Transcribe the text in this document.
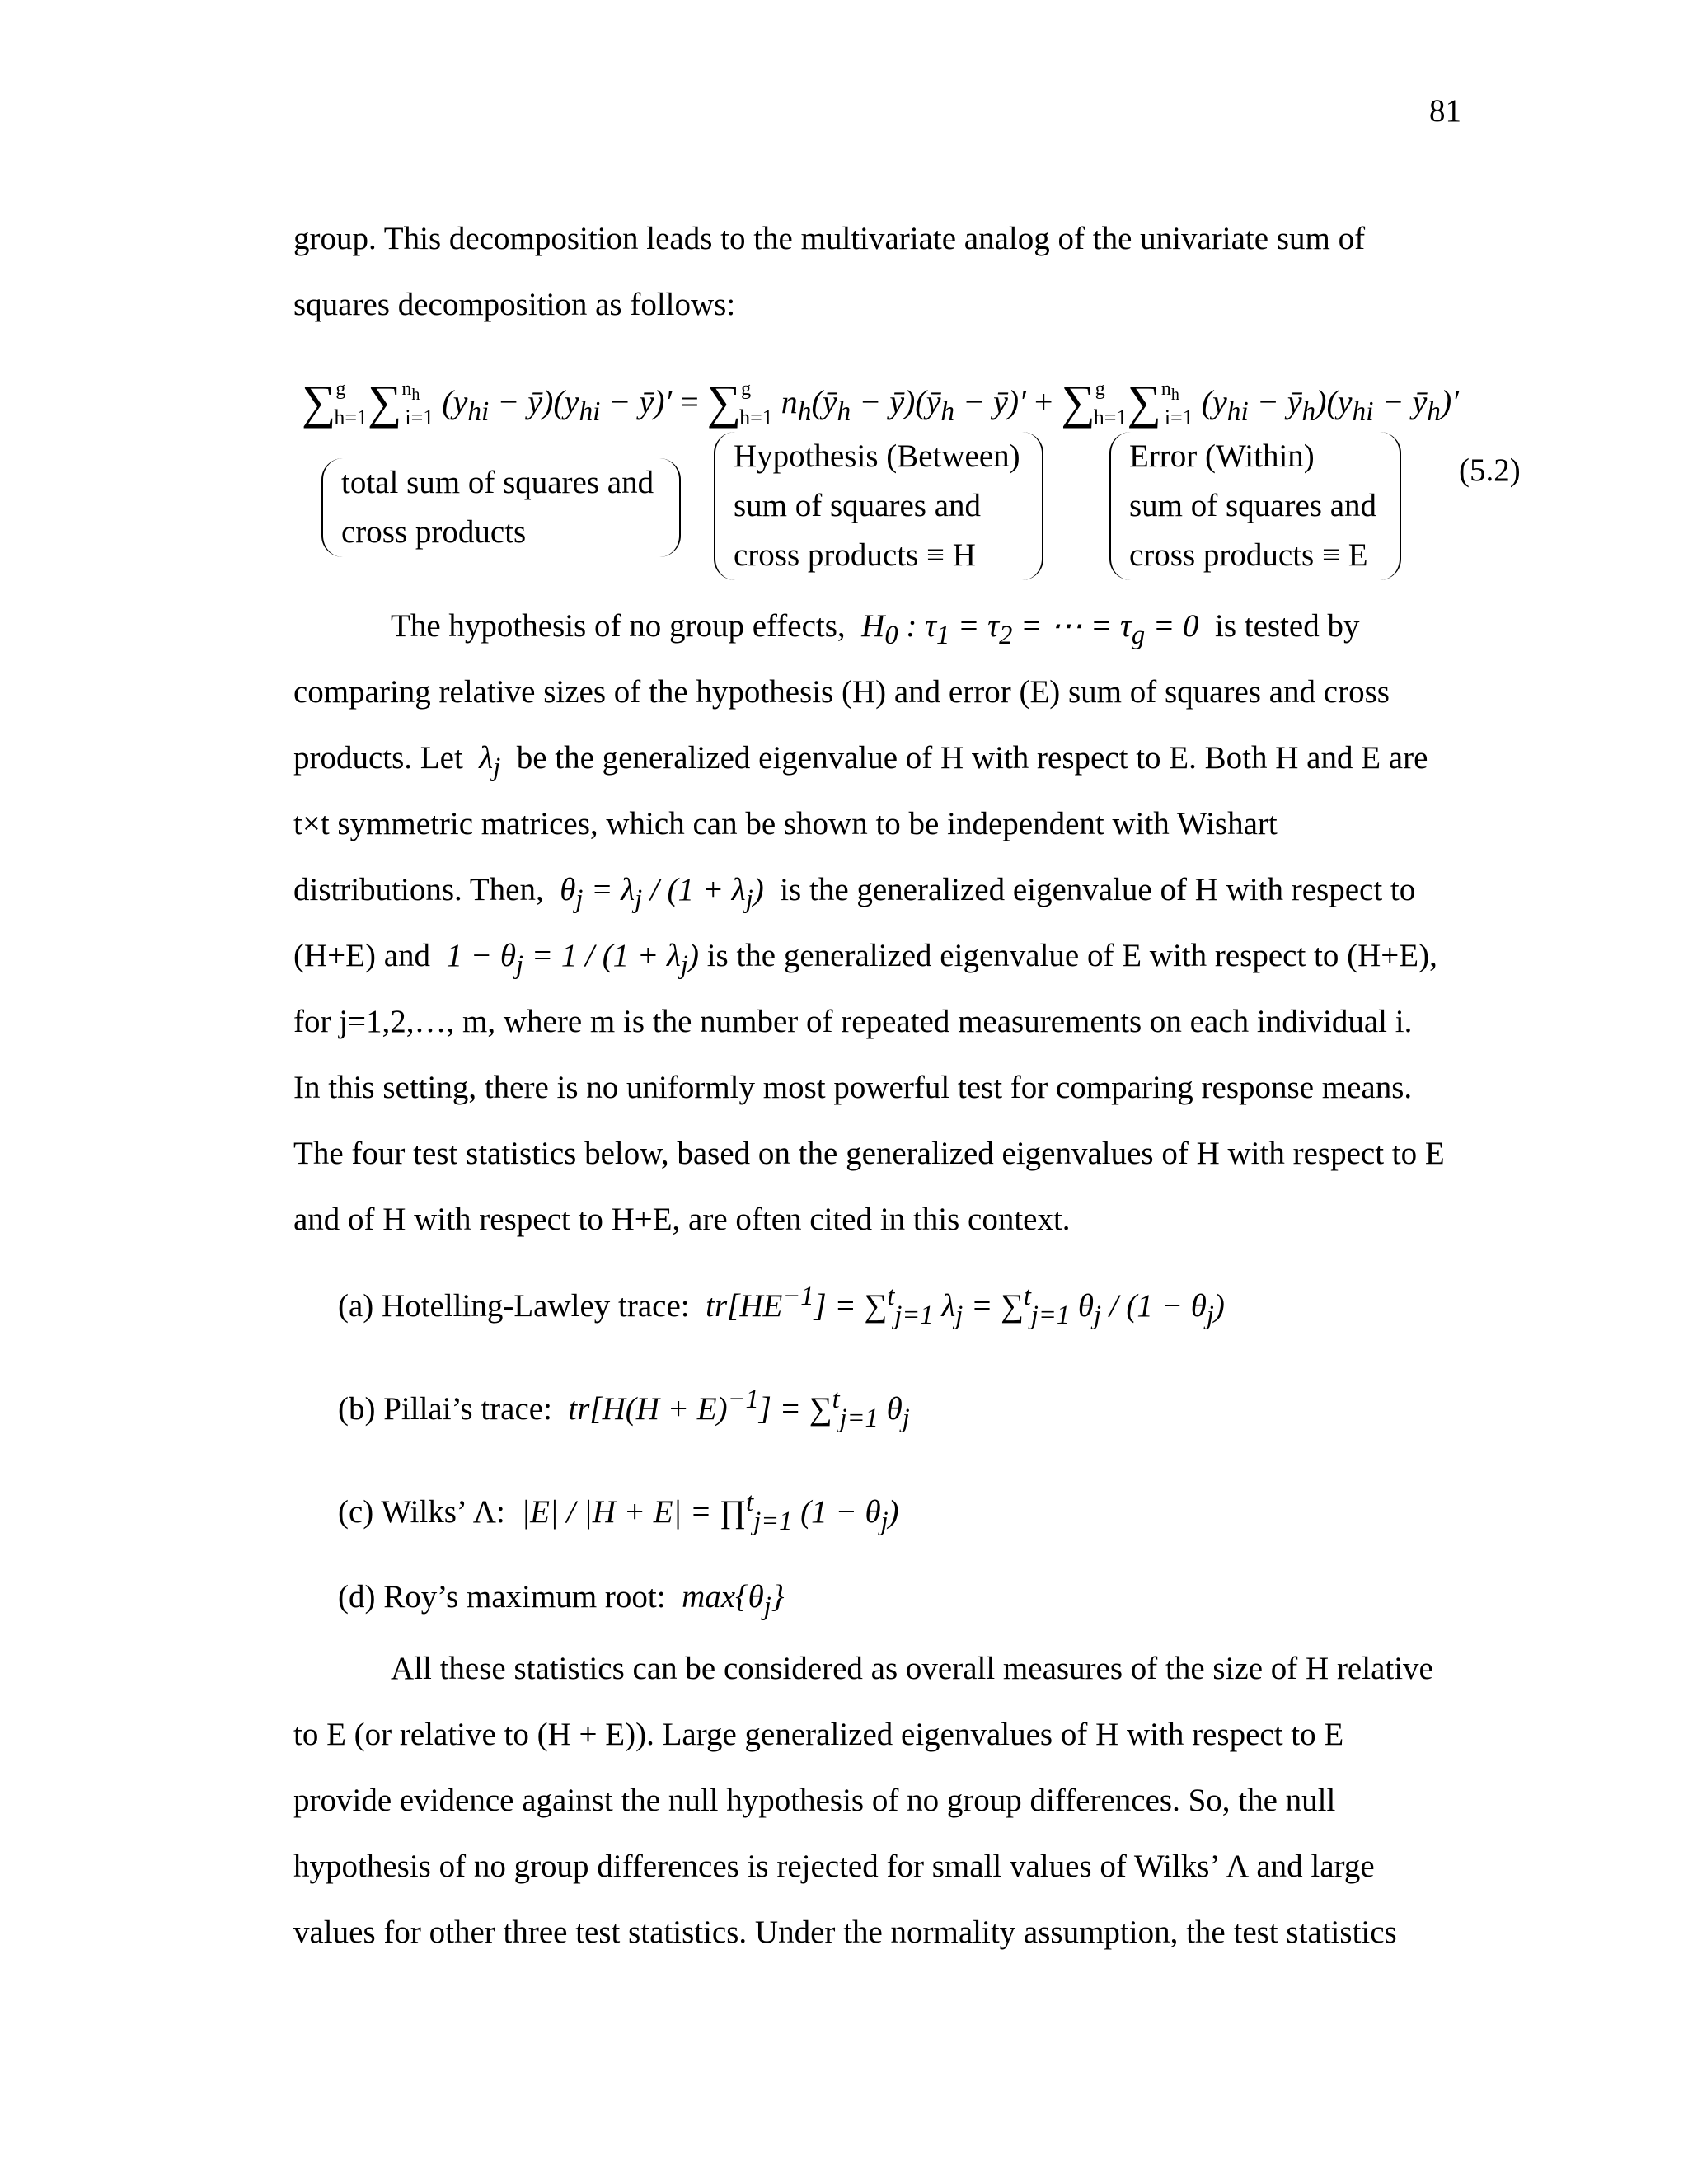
81
group. This decomposition leads to the multivariate analog of the univariate sum of
squares decomposition as follows:
∑$^g_{h=1}$∑$^{n_h}_{i=1}$ ($y_{hi}$ − $ȳ)(y_{hi}$ − ȳ)′ = ∑$^g_{h=1}$ $n_h(ȳ_h$ − $ȳ)(ȳ_h$ − ȳ)′ + ∑$^g_{h=1}$∑$^{n_h}_{i=1}$ ($y_{hi}$ − $ȳ_h)(y_{hi}$ − $ȳ_h)'$
total sum of squares and
cross products
Hypothesis (Between)
sum of squares and
cross products ≡ H
Error (Within)
sum of squares and
cross products ≡ E
(5.2)
The hypothesis of no group effects,  $H_0$ : $\tau_1 = \tau_2$ = ⋯ = $\tau_g = 0$  is tested by
comparing relative sizes of the hypothesis (H) and error (E) sum of squares and cross
products. Let  $\lambda_j$ be the generalized eigenvalue of H with respect to E. Both H and E are
t×t symmetric matrices, which can be shown to be independent with Wishart
distributions. Then,  $\theta_j = \lambda_j / (1 + \lambda_j)$  is the generalized eigenvalue of H with respect to
(H+E) and  $1 - \theta_j = 1 / (1 + \lambda_j)$ is the generalized eigenvalue of E with respect to (H+E),
for j=1,2,…, m, where m is the number of repeated measurements on each individual i.
In this setting, there is no uniformly most powerful test for comparing response means.
The four test statistics below, based on the generalized eigenvalues of H with respect to E
and of H with respect to H+E, are often cited in this context.
(a) Hotelling-Lawley trace:  $tr[HE^{-1}] = \sum^t_{j=1}$ $\lambda_j = \sum^t_{j=1}$ $\theta_j / (1 - \theta_j)$
(b) Pillai’s trace:  $tr[H(H + E)^{-1}] = \sum^t_{j=1}$ $\theta_j$
(c) Wilks’ Λ:  |E| / |H + E| = ∏$^t_{j=1}$ $(1 - \theta_j)$
(d) Roy’s maximum root:  $\max\{\theta_j\}$
All these statistics can be considered as overall measures of the size of H relative
to E (or relative to (H + E)). Large generalized eigenvalues of H with respect to E
provide evidence against the null hypothesis of no group differences. So, the null
hypothesis of no group differences is rejected for small values of Wilks’ Λ and large
values for other three test statistics. Under the normality assumption, the test statistics
